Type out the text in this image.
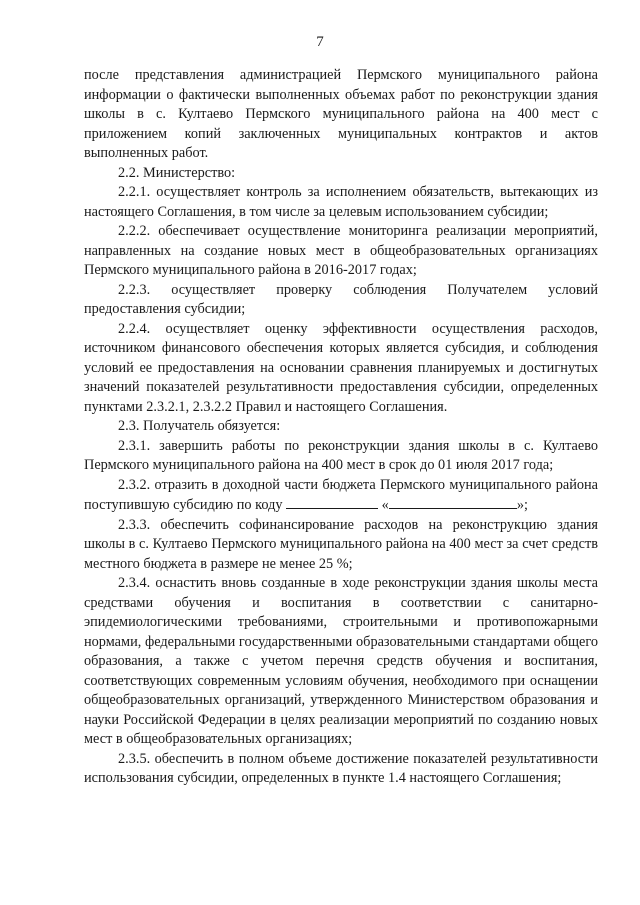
7

после представления администрацией Пермского муниципального района информации о фактически выполненных объемах работ по реконструкции здания школы в с. Култаево Пермского муниципального района на 400 мест с приложением копий заключенных муниципальных контрактов и актов выполненных работ.

2.2. Министерство:

2.2.1. осуществляет контроль за исполнением обязательств, вытекающих из настоящего Соглашения, в том числе за целевым использованием субсидии;

2.2.2. обеспечивает осуществление мониторинга реализации мероприятий, направленных на создание новых мест в общеобразовательных организациях Пермского муниципального района в 2016-2017 годах;

2.2.3. осуществляет проверку соблюдения Получателем условий предоставления субсидии;

2.2.4. осуществляет оценку эффективности осуществления расходов, источником финансового обеспечения которых является субсидия, и соблюдения условий ее предоставления на основании сравнения планируемых и достигнутых значений показателей результативности предоставления субсидии, определенных пунктами 2.3.2.1, 2.3.2.2 Правил и настоящего Соглашения.

2.3. Получатель обязуется:

2.3.1. завершить работы по реконструкции здания школы в с. Култаево Пермского муниципального района на 400 мест в срок до 01 июля 2017 года;

2.3.2. отразить в доходной части бюджета Пермского муниципального района поступившую субсидию по коду	«	»;

2.3.3. обеспечить софинансирование расходов на реконструкцию здания школы в с. Култаево Пермского муниципального района на 400 мест за счет средств местного бюджета в размере не менее 25 %;

2.3.4. оснастить вновь созданные в ходе реконструкции здания школы места средствами обучения и воспитания в соответствии с санитарно-эпидемиологическими требованиями, строительными и противопожарными нормами, федеральными государственными образовательными стандартами общего образования, а также с учетом перечня средств обучения и воспитания, соответствующих современным условиям обучения, необходимого при оснащении общеобразовательных организаций, утвержденного Министерством образования и науки Российской Федерации в целях реализации мероприятий по созданию новых мест в общеобразовательных организациях;

2.3.5. обеспечить в полном объеме достижение показателей результативности использования субсидии, определенных в пункте 1.4 настоящего Соглашения;
